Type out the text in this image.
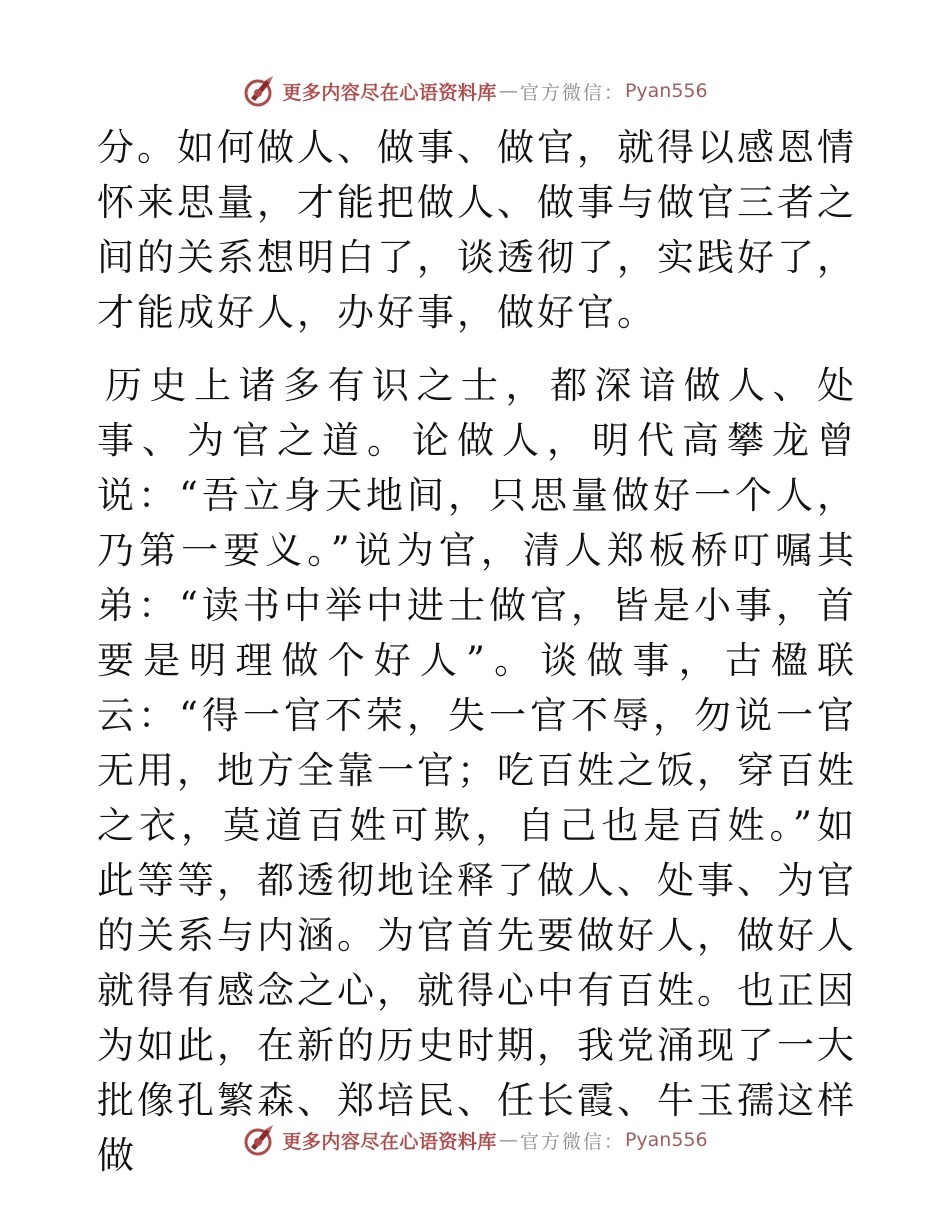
更多内容尽在心语资料库 — 官方微信： Pyan556

分。如何做人、做事、做官，就得以感恩情怀来思量，才能把做人、做事与做官三者之间的关系想明白了，谈透彻了，实践好了，才能成好人，办好事，做好官。

历史上诸多有识之士，都深谙做人、处事、为官之道。论做人，明代高攀龙曾说：“吾立身天地间，只思量做好一个人，乃第一要义。”说为官，清人郑板桥叮嘱其弟：“读书中举中进士做官，皆是小事，首要是明理做个好人”。谈做事，古楹联云：“得一官不荣，失一官不辱，勿说一官无用，地方全靠一官；吃百姓之饭，穿百姓之衣，莫道百姓可欺，自己也是百姓。”如此等等，都透彻地诠释了做人、处事、为官的关系与内涵。为官首先要做好人，做好人就得有感念之心，就得心中有百姓。也正因为如此，在新的历史时期，我党涌现了一大批像孔繁森、郑培民、任长霞、牛玉孺这样做	更多内容尽在心语资料库 — 官方微信： Pyan556
